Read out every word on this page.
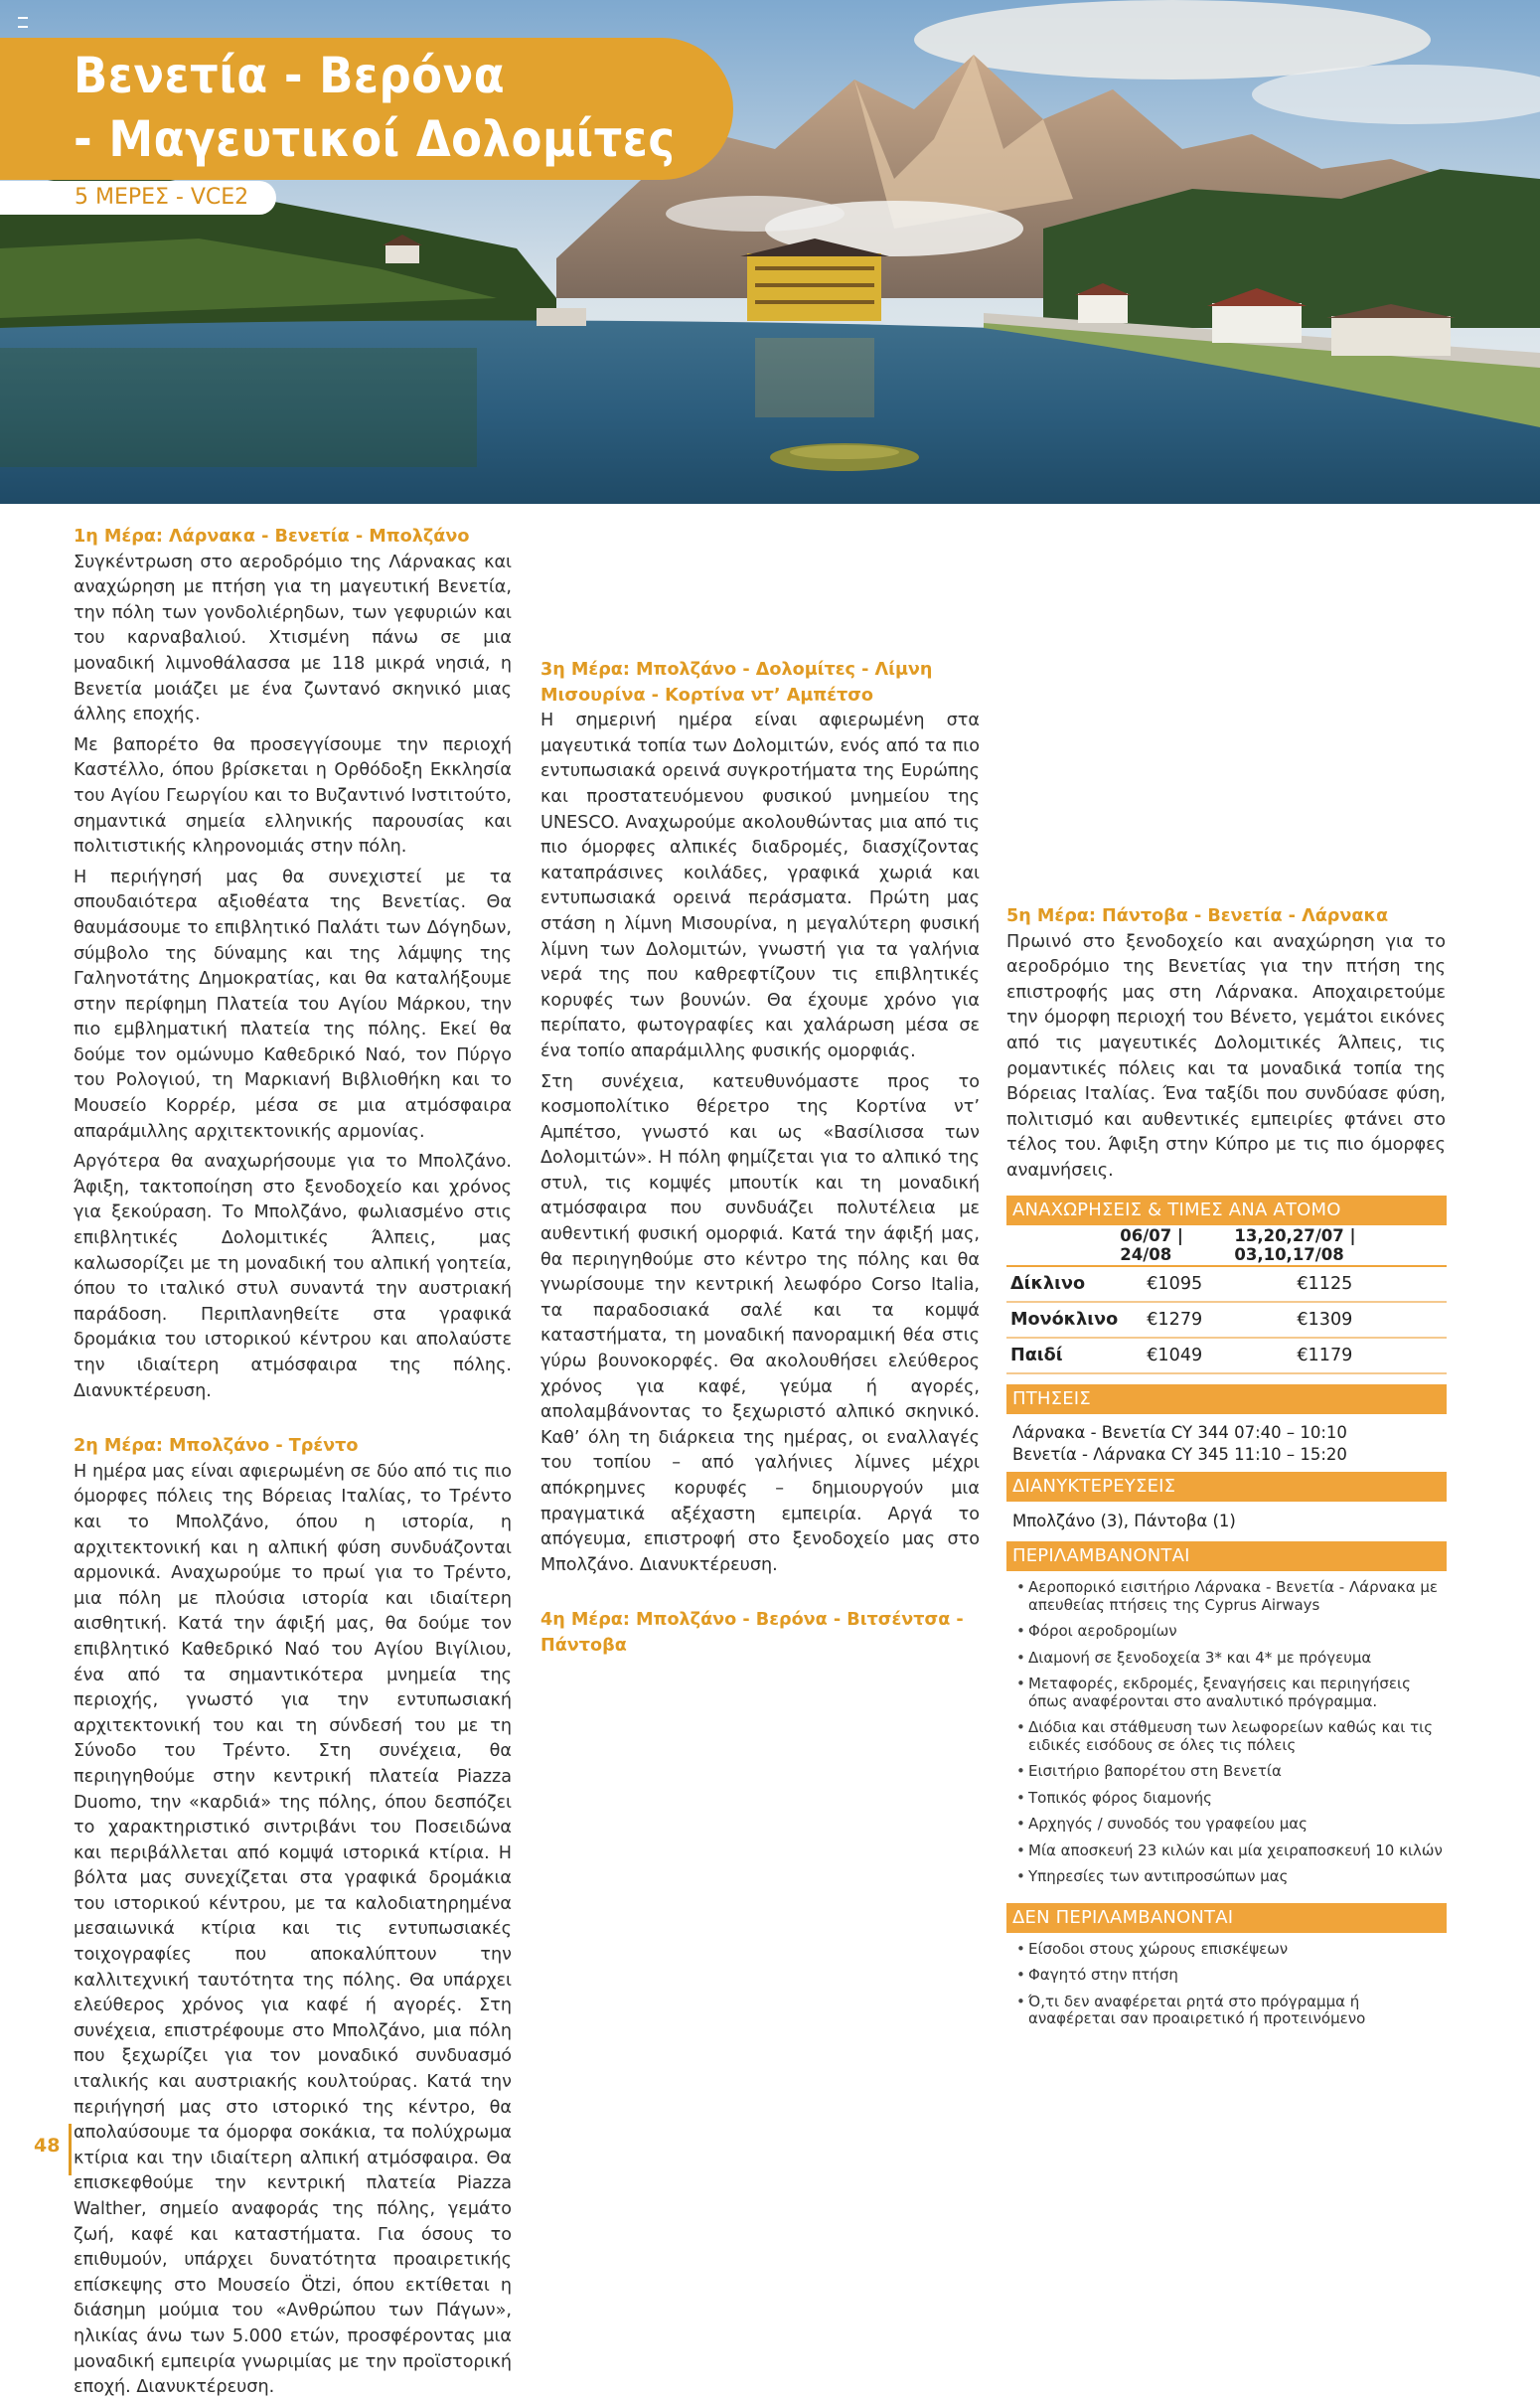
Βενετία - Βερόνα
- Μαγευτικοί Δολομίτες
5 ΜΕΡΕΣ - VCE2
1η Μέρα: Λάρνακα - Βενετία - Μπολζάνο

Συγκέντρωση στο αεροδρόμιο της Λάρνακας και αναχώρηση με πτήση για τη μαγευτική Βενετία, την πόλη των γονδολιέρηδων, των γεφυριών και του καρναβαλιού. Χτισμένη πάνω σε μια μοναδική λιμνοθάλασσα με 118 μικρά νησιά, η Βενετία μοιάζει με ένα ζωντανό σκηνικό μιας άλλης εποχής.

Με βαπορέτο θα προσεγγίσουμε την περιοχή Καστέλλο, όπου βρίσκεται η Ορθόδοξη Εκκλησία του Αγίου Γεωργίου και το Βυζαντινό Ινστιτούτο, σημαντικά σημεία ελληνικής παρουσίας και πολιτιστικής κληρονομιάς στην πόλη.

Η περιήγησή μας θα συνεχιστεί με τα σπουδαιότερα αξιοθέατα της Βενετίας. Θα θαυμάσουμε το επιβλητικό Παλάτι των Δόγηδων, σύμβολο της δύναμης και της λάμψης της Γαληνοτάτης Δημοκρατίας, και θα καταλήξουμε στην περίφημη Πλατεία του Αγίου Μάρκου, την πιο εμβληματική πλατεία της πόλης. Εκεί θα δούμε τον ομώνυμο Καθεδρικό Ναό, τον Πύργο του Ρολογιού, τη Μαρκιανή Βιβλιοθήκη και το Μουσείο Κορρέρ, μέσα σε μια ατμόσφαιρα απαράμιλλης αρχιτεκτονικής αρμονίας.

Αργότερα θα αναχωρήσουμε για το Μπολζάνο. Άφιξη, τακτοποίηση στο ξενοδοχείο και χρόνος για ξεκούραση. Το Μπολζάνο, φωλιασμένο στις επιβλητικές Δολομιτικές Άλπεις, μας καλωσορίζει με τη μοναδική του αλπική γοητεία, όπου το ιταλικό στυλ συναντά την αυστριακή παράδοση. Περιπλανηθείτε στα γραφικά δρομάκια του ιστορικού κέντρου και απολαύστε την ιδιαίτερη ατμόσφαιρα της πόλης. Διανυκτέρευση.

2η Μέρα: Μπολζάνο - Τρέντο

Η ημέρα μας είναι αφιερωμένη σε δύο από τις πιο όμορφες πόλεις της Βόρειας Ιταλίας, το Τρέντο και το Μπολζάνο, όπου η ιστορία, η αρχιτεκτονική και η αλπική φύση συνδυάζονται αρμονικά. Αναχωρούμε το πρωί για το Τρέντο, μια πόλη με πλούσια ιστορία και ιδιαίτερη αισθητική. Κατά την άφιξή μας, θα δούμε τον επιβλητικό Καθεδρικό Ναό του Αγίου Βιγίλιου, ένα από τα σημαντικότερα μνημεία της περιοχής, γνωστό για την εντυπωσιακή αρχιτεκτονική του και τη σύνδεσή του με τη Σύνοδο του Τρέντο. Στη συνέχεια, θα περιηγηθούμε στην κεντρική πλατεία Piazza Duomo, την «καρδιά» της πόλης, όπου δεσπόζει το χαρακτηριστικό σιντριβάνι του Ποσειδώνα και περιβάλλεται από κομψά ιστορικά κτίρια. Η βόλτα μας συνεχίζεται στα γραφικά δρομάκια του ιστορικού κέντρου, με τα καλοδιατηρημένα μεσαιωνικά κτίρια και τις εντυπωσιακές τοιχογραφίες που αποκαλύπτουν την καλλιτεχνική ταυτότητα της πόλης. Θα υπάρχει ελεύθερος χρόνος για καφέ ή αγορές. Στη συνέχεια, επιστρέφουμε στο Μπολζάνο, μια πόλη που ξεχωρίζει για τον μοναδικό συνδυασμό ιταλικής και αυστριακής κουλτούρας. Κατά την περιήγησή μας στο ιστορικό της κέντρο, θα απολαύσουμε τα όμορφα σοκάκια, τα πολύχρωμα κτίρια και την ιδιαίτερη αλπική ατμόσφαιρα. Θα επισκεφθούμε την κεντρική πλατεία Piazza Walther, σημείο αναφοράς της πόλης, γεμάτο ζωή, καφέ και καταστήματα. Για όσους το επιθυμούν, υπάρχει δυνατότητα προαιρετικής επίσκεψης στο Μουσείο Ötzi, όπου εκτίθεται η διάσημη μούμια του «Ανθρώπου των Πάγων», ηλικίας άνω των 5.000 ετών, προσφέροντας μια μοναδική εμπειρία γνωριμίας με την προϊστορική εποχή. Διανυκτέρευση.

3η Μέρα: Μπολζάνο - Δολομίτες - Λίμνη Μισουρίνα - Κορτίνα ντ’ Αμπέτσο

Η σημερινή ημέρα είναι αφιερωμένη στα μαγευτικά τοπία των Δολομιτών, ενός από τα πιο εντυπωσιακά ορεινά συγκροτήματα της Ευρώπης και προστατευόμενου φυσικού μνημείου της UNESCO. Αναχωρούμε ακολουθώντας μια από τις πιο όμορφες αλπικές διαδρομές, διασχίζοντας καταπράσινες κοιλάδες, γραφικά χωριά και εντυπωσιακά ορεινά περάσματα. Πρώτη μας στάση η λίμνη Μισουρίνα, η μεγαλύτερη φυσική λίμνη των Δολομιτών, γνωστή για τα γαλήνια νερά της που καθρεφτίζουν τις επιβλητικές κορυφές των βουνών. Θα έχουμε χρόνο για περίπατο, φωτογραφίες και χαλάρωση μέσα σε ένα τοπίο απαράμιλλης φυσικής ομορφιάς.

Στη συνέχεια, κατευθυνόμαστε προς το κοσμοπολίτικο θέρετρο της Κορτίνα ντ’ Αμπέτσο, γνωστό και ως «Βασίλισσα των Δολομιτών». Η πόλη φημίζεται για το αλπικό της στυλ, τις κομψές μπουτίκ και τη μοναδική ατμόσφαιρα που συνδυάζει πολυτέλεια με αυθεντική φυσική ομορφιά. Κατά την άφιξή μας, θα περιηγηθούμε στο κέντρο της πόλης και θα γνωρίσουμε την κεντρική λεωφόρο Corso Italia, τα παραδοσιακά σαλέ και τα κομψά καταστήματα, τη μοναδική πανοραμική θέα στις γύρω βουνοκορφές. Θα ακολουθήσει ελεύθερος χρόνος για καφέ, γεύμα ή αγορές, απολαμβάνοντας το ξεχωριστό αλπικό σκηνικό. Καθ’ όλη τη διάρκεια της ημέρας, οι εναλλαγές του τοπίου – από γαλήνιες λίμνες μέχρι απόκρημνες κορυφές – δημιουργούν μια πραγματικά αξέχαστη εμπειρία. Αργά το απόγευμα, επιστροφή στο ξενοδοχείο μας στο Μπολζάνο. Διανυκτέρευση.

4η Μέρα: Μπολζάνο - Βερόνα - Βιτσέντσα - Πάντοβα
5η Μέρα: Πάντοβα - Βενετία - Λάρνακα

Πρωινό στο ξενοδοχείο και αναχώρηση για το αεροδρόμιο της Βενετίας για την πτήση της επιστροφής μας στη Λάρνακα. Αποχαιρετούμε την όμορφη περιοχή του Βένετο, γεμάτοι εικόνες από τις μαγευτικές Δολομιτικές Άλπεις, τις ρομαντικές πόλεις και τα μοναδικά τοπία της Βόρειας Ιταλίας. Ένα ταξίδι που συνδύασε φύση, πολιτισμό και αυθεντικές εμπειρίες φτάνει στο τέλος του. Άφιξη στην Κύπρο με τις πιο όμορφες αναμνήσεις.

ΑΝΑΧΩΡΗΣΕΙΣ & ΤΙΜΕΣ ΑΝΑ ΑΤΟΜΟ
	06/07 | 24/08	13,20,27/07 | 03,10,17/08
Δίκλινο	€1095	€1125
Μονόκλινο	€1279	€1309
Παιδί	€1049	€1179
ΠΤΗΣΕΙΣ
Λάρνακα - Βενετία CY 344 07:40 – 10:10
Βενετία - Λάρνακα CY 345 11:10 – 15:20
ΔΙΑΝΥΚΤΕΡΕΥΣΕΙΣ
Μπολζάνο (3), Πάντοβα (1)
ΠΕΡΙΛΑΜΒΑΝΟΝΤΑΙ
• Αεροπορικό εισιτήριο Λάρνακα - Βενετία - Λάρνακα με απευθείας πτήσεις της Cyprus Airways
• Φόροι αεροδρομίων
• Διαμονή σε ξενοδοχεία 3* και 4* με πρόγευμα
• Μεταφορές, εκδρομές, ξεναγήσεις και περιηγήσεις όπως αναφέρονται στο αναλυτικό πρόγραμμα.
• Διόδια και στάθμευση των λεωφορείων καθώς και τις ειδικές εισόδους σε όλες τις πόλεις
• Εισιτήριο βαπορέτου στη Βενετία
• Τοπικός φόρος διαμονής
• Αρχηγός / συνοδός του γραφείου μας
• Μία αποσκευή 23 κιλών και μία χειραποσκευή 10 κιλών
• Υπηρεσίες των αντιπροσώπων μας
ΔΕΝ ΠΕΡΙΛΑΜΒΑΝΟΝΤΑΙ
• Είσοδοι στους χώρους επισκέψεων
• Φαγητό στην πτήση
• Ό,τι δεν αναφέρεται ρητά στο πρόγραμμα ή αναφέρεται σαν προαιρετικό ή προτεινόμενο
48
